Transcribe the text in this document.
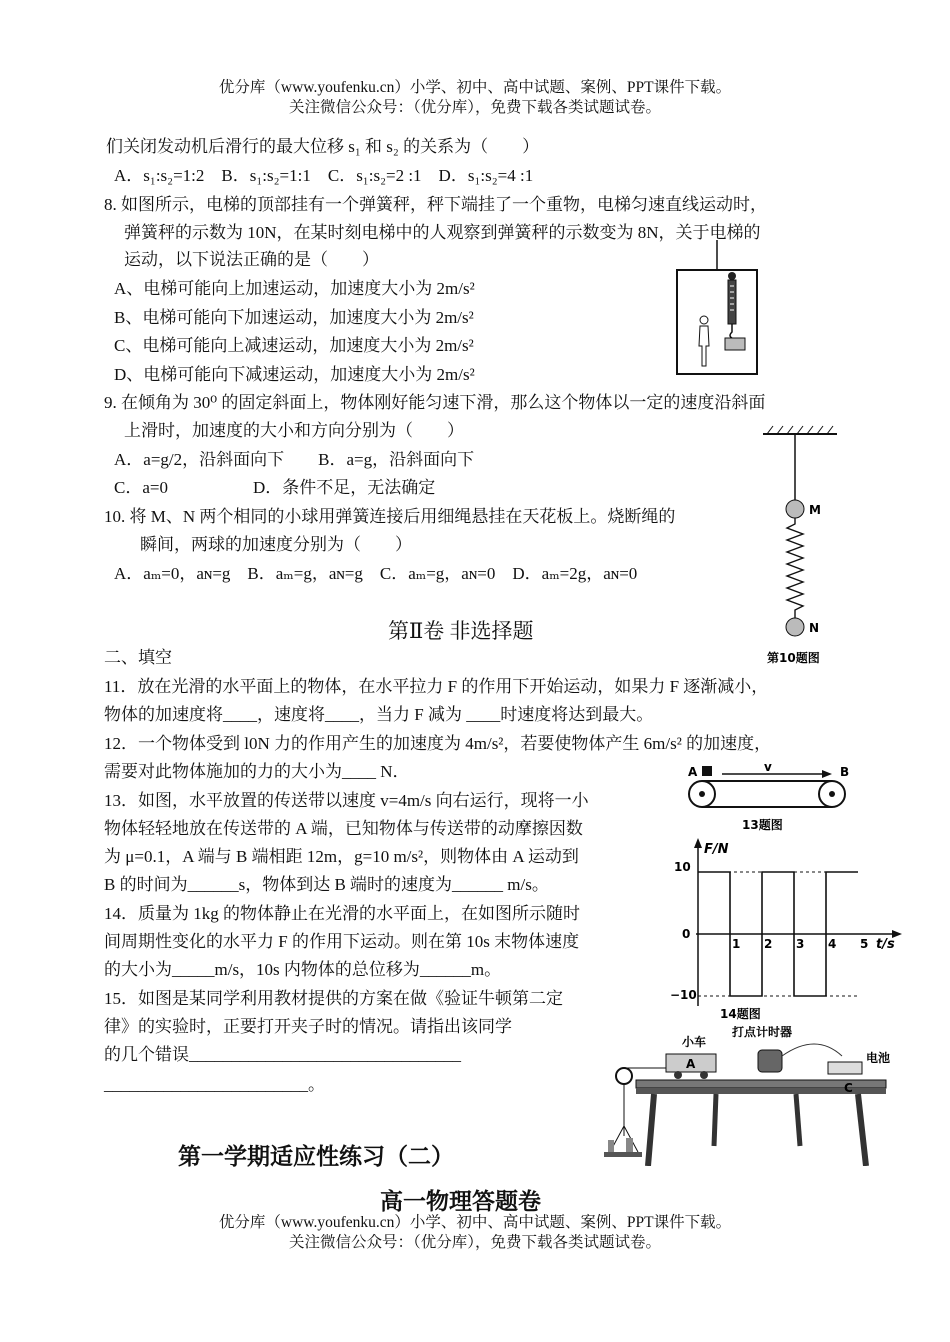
优分库（www.youfenku.cn）小学、初中、高中试题、案例、PPT课件下载。
关注微信公众号：（优分库），免费下载各类试题试卷。
们关闭发动机后滑行的最大位移 s₁ 和 s₂ 的关系为（　　）
A．s₁:s₂=1:2　B．s₁:s₂=1:1　C．s₁:s₂=2 :1　D．s₁:s₂=4 :1
8. 如图所示，电梯的顶部挂有一个弹簧秤，秤下端挂了一个重物，电梯匀速直线运动时，
弹簧秤的示数为 10N，在某时刻电梯中的人观察到弹簧秤的示数变为 8N，关于电梯的
运动，以下说法正确的是（　　）
A、电梯可能向上加速运动，加速度大小为 2m/s²
B、电梯可能向下加速运动，加速度大小为 2m/s²
C、电梯可能向上减速运动，加速度大小为 2m/s²
D、电梯可能向下减速运动，加速度大小为 2m/s²
9. 在倾角为 30⁰ 的固定斜面上，物体刚好能匀速下滑，那么这个物体以一定的速度沿斜面
上滑时，加速度的大小和方向分别为（　　）
A．a=g/2，沿斜面向下　　B．a=g，沿斜面向下
C．a=0　　　　　D．条件不足，无法确定
10. 将 M、N 两个相同的小球用弹簧连接后用细绳悬挂在天花板上。烧断绳的
瞬间，两球的加速度分别为（　　）
A．aₘ=0，aɴ=g　B．aₘ=g，aɴ=g　C．aₘ=g，aɴ=0　D．aₘ=2g，aɴ=0
M
N
第10题图
第Ⅱ卷 非选择题
二、填空
11．放在光滑的水平面上的物体，在水平拉力 F 的作用下开始运动，如果力 F 逐渐减小，
物体的加速度将____，速度将____，当力 F 减为 ____时速度将达到最大。
12．一个物体受到 l0N 力的作用产生的加速度为 4m/s²，若要使物体产生 6m/s² 的加速度，
需要对此物体施加的力的大小为____ N．	A	v	B
13题图
13．如图，水平放置的传送带以速度 v=4m/s 向右运行，现将一小
物体轻轻地放在传送带的 A 端，已知物体与传送带的动摩擦因数
为 μ=0.1，A 端与 B 端相距 12m，g=10 m/s²，则物体由 A 运动到
B 的时间为______s，物体到达 B 端时的速度为______ m/s。
F/N
t/s
10
0
−10
14题图
1 2 3 4 5
14．质量为 1kg 的物体静止在光滑的水平面上，在如图所示随时
间周期性变化的水平力 F 的作用下运动。则在第 10s 末物体速度
的大小为_____m/s，10s 内物体的总位移为______m。
15．如图是某同学利用教材提供的方案在做《验证牛顿第二定
律》的实验时，正要打开夹子时的情况。请指出该同学
的几个错误________________________________
________________________。
A
小车
打点计时器
电池
C
第一学期适应性练习（二）
高一物理答题卷
优分库（www.youfenku.cn）小学、初中、高中试题、案例、PPT课件下载。
关注微信公众号：（优分库），免费下载各类试题试卷。
